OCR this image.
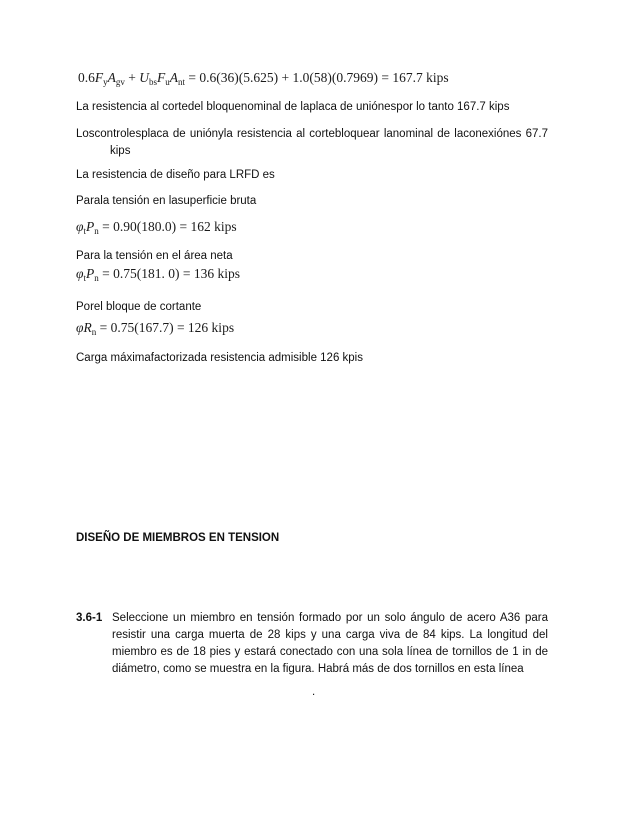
$0.6F_yA_{gv} + U_{bs}F_uA_{nt} = 0.6(36)(5.625) + 1.0(58)(0.7969) = 167.7$ kips
La resistencia al cortedel bloquenominal de laplaca de uniónespor lo tanto 167.7 kips
Loscontrolesplaca de uniónyla resistencia al cortebloquear lanominal de laconexiónes 67.7
kips
La resistencia de diseño para LRFD es
Parala tensión en lasuperficie bruta
$\varphi_tP_n = 0.90(180.0) = 162$ kips
Para la tensión en el área neta
$\varphi_tP_n = 0.75(181$. 0) = 136 kips
Porel bloque de cortante
$\varphi R_n = 0.75(167.7) = 126$ kips
Carga máximafactorizada resistencia admisible 126 kpis
DISEÑO DE MIEMBROS EN TENSION
3.6-1 Seleccione un miembro en tensión formado por un solo ángulo de acero A36 para resistir una carga muerta de 28 kips y una carga viva de 84 kips. La longitud del miembro es de 18 pies y estará conectado con una sola línea de tornillos de 1 in de diámetro, como se muestra en la figura. Habrá más de dos tornillos en esta línea
.
